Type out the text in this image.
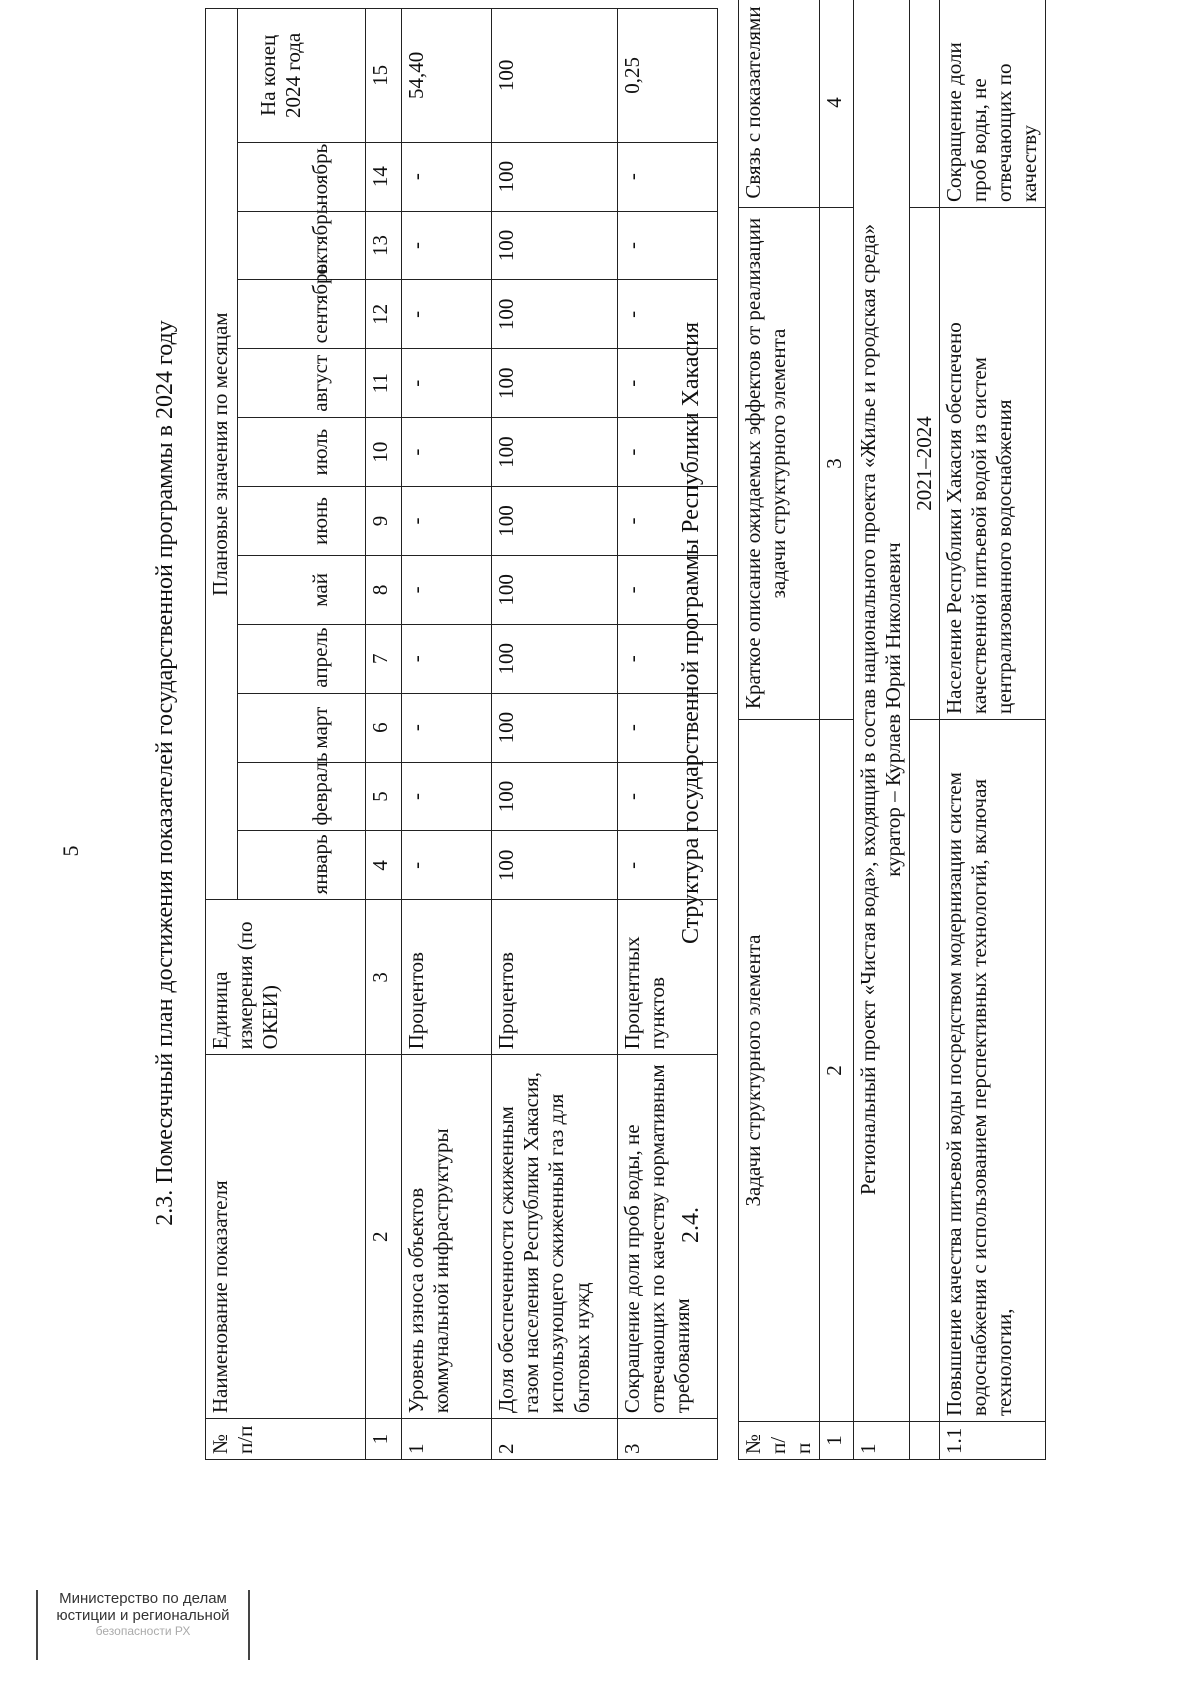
5	2.3. Помесячный план достижения показателей государственной программы в 2024 году
№ п/п	Наименование показателя	Единица измерения (по ОКЕИ)	Плановые значения по месяцам											
			январь	февраль	март	апрель	май	июнь	июль	август	сентябрь	октябрь	ноябрь	На конец 2024 года
1	2	3	4	5	6	7	8	9	10	11	12	13	14	15
1	Уровень износа объектов коммунальной инфраструктуры	Процентов	-	-	-	-	-	-	-	-	-	-	-	54,40
2	Доля обеспеченности сжиженным газом населения Республики Хакасия, использующего сжиженный газ для бытовых нужд	Процентов	100	100	100	100	100	100	100	100	100	100	100	100
3	Сокращение доли проб воды, не отвечающих по качеству нормативным требованиям	Процентных пунктов	-	-	-	-	-	-	-	-	-	-	-	0,25
2.4.
Структура государственной программы Республики Хакасия
№ п/п	Задачи структурного элемента	Краткое описание ожидаемых эффектов от реализации задачи структурного элемента	Связь с показателями
1	2	3	4
1	Региональный проект «Чистая вода», входящий в состав национального проекта «Жилье и городская среда» куратор – Курлаев Юрий Николаевич		

		2021–2024	
1.1	Повышение качества питьевой воды посредством модернизации систем водоснабжения с использованием перспективных технологий, включая технологии,	Население Республики Хакасия обеспечено качественной питьевой водой из систем централизованного водоснабжения	Сокращение доли проб воды, не отвечающих по качеству
Министерство по делам
юстиции и региональной
безопасности РХ
